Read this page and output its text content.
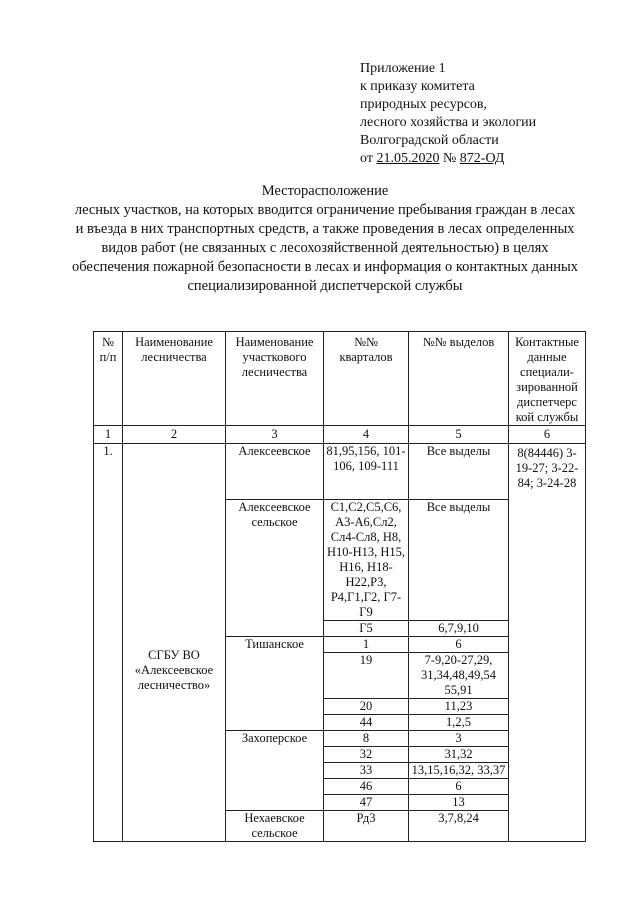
Приложение 1
к приказу комитета
природных ресурсов,
лесного хозяйства и экологии
Волгоградской области
от 21.05.2020 № 872-ОД

Месторасположение

лесных участков, на которых вводится ограничение пребывания граждан в лесах и въезда в них транспортных средств, а также проведения в лесах определенных видов работ (не связанных с лесохозяйственной деятельностью) в целях обеспечения пожарной безопасности в лесах и информация о контактных данных специализированной диспетчерской службы

№ п/п	Наименование лесничества	Наименование участкового лесничества	№№ кварталов	№№ выделов	Контактные данные специали-зированной диспетчерс кой службы
1	2	3	4	5	6
1.	СГБУ ВО «Алексеевское лесничество»	Алексеевское	81,95,156, 101-106, 109-111	Все выделы	8(84446) 3-19-27; 3-22-84; 3-24-28
		Алексеевское сельское	С1,С2,С5,С6, А3-А6,Сл2, Сл4-Сл8, Н8, Н10-Н13, Н15, Н16, Н18-Н22,Р3, Р4,Г1,Г2, Г7-Г9	Все выделы	
			Г5	6,7,9,10	
		Тишанское	1	6	
			19	7-9,20-27,29, 31,34,48,49,54 55,91	
			20	11,23	
			44	1,2,5	
		Захоперское	8	3	
			32	31,32	
			33	13,15,16,32, 33,37	
			46	6	
			47	13	
		Нехаевское сельское	Рд3	3,7,8,24	
